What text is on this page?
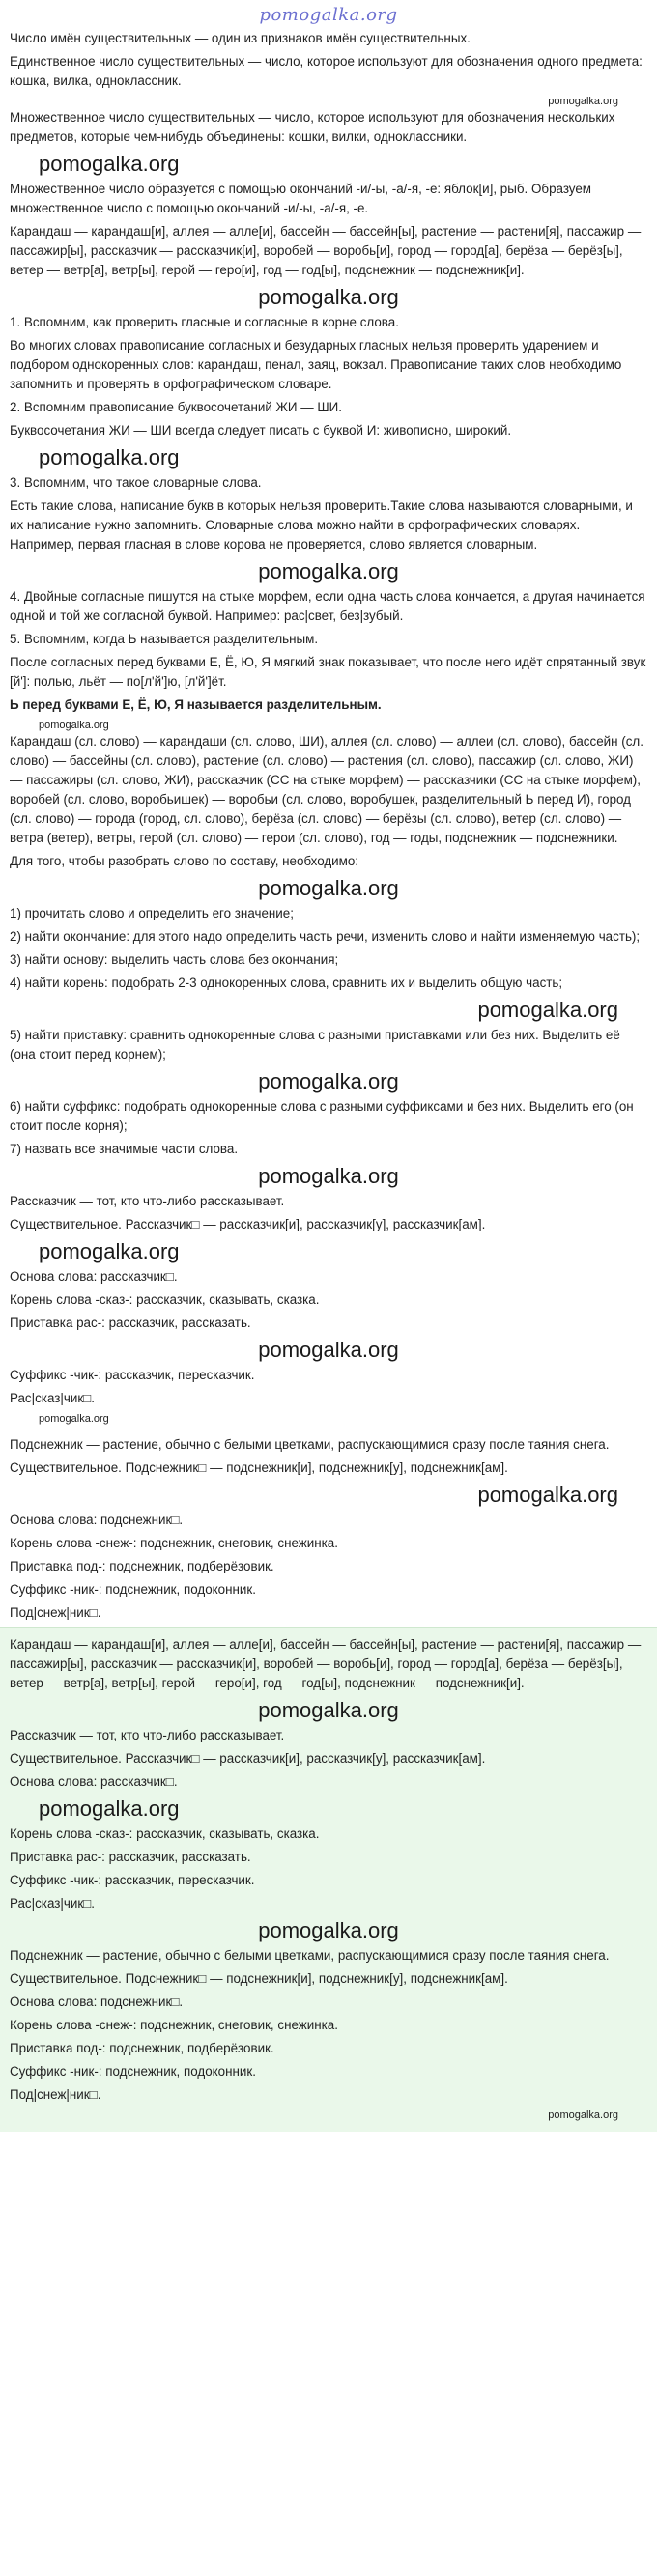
pomogalka.org

Число имён существительных — один из признаков имён существительных.

Единственное число существительных — число, которое используют для обозначения одного предмета: кошка, вилка, одноклассник.

pomogalka.org

Множественное число существительных — число, которое используют для обозначения нескольких предметов, которые чем-нибудь объединены: кошки, вилки, одноклассники.

pomogalka.org

Множественное число образуется с помощью окончаний -и/-ы, -а/-я, -е: яблок[и], рыб. Образуем множественное число с помощью окончаний -и/-ы, -а/-я, -е.

Карандаш — карандаш[и], аллея — алле[и], бассейн — бассейн[ы], растение — растени[я], пассажир — пассажир[ы], рассказчик — рассказчик[и], воробей — воробь[и], город — город[а], берёза — берёз[ы], ветер — ветр[а], ветр[ы], герой — геро[и], год — год[ы], подснежник — подснежник[и].

pomogalka.org

1. Вспомним, как проверить гласные и согласные в корне слова.

Во многих словах правописание согласных и безударных гласных нельзя проверить ударением и подбором однокоренных слов: карандаш, пенал, заяц, вокзал. Правописание таких слов необходимо запомнить и проверять в орфографическом словаре.

2. Вспомним правописание буквосочетаний ЖИ — ШИ.

Буквосочетания ЖИ — ШИ всегда следует писать с буквой И: живописно, широкий.

pomogalka.org

3. Вспомним, что такое словарные слова.

Есть такие слова, написание букв в которых нельзя проверить.Такие слова называются словарными, и их написание нужно запомнить. Словарные слова можно найти в орфографических словарях. Например, первая гласная в слове корова не проверяется, слово является словарным.

pomogalka.org

4. Двойные согласные пишутся на стыке морфем, если одна часть слова кончается, а другая начинается одной и той же согласной буквой. Например: рас|свет, без|зубый.

5. Вспомним, когда Ь называется разделительным.

После согласных перед буквами Е, Ё, Ю, Я мягкий знак показывает, что после него идёт спрятанный звук [й']: полью, льёт — по[л'й']ю, [л'й']ёт.

Ь перед буквами Е, Ё, Ю, Я называется разделительным.

pomogalka.org

Карандаш (сл. слово) — карандаши (сл. слово, ШИ), аллея (сл. слово) — аллеи (сл. слово), бассейн (сл. слово) — бассейны (сл. слово), растение (сл. слово) — растения (сл. слово), пассажир (сл. слово, ЖИ) — пассажиры (сл. слово, ЖИ), рассказчик (СС на стыке морфем) — рассказчики (СС на стыке морфем), воробей (сл. слово, воробьишек) — воробьи (сл. слово, воробушек, разделительный Ь перед И), город (сл. слово) — города (город, сл. слово), берёза (сл. слово) — берёзы (сл. слово), ветер (сл. слово) — ветра (ветер), ветры, герой (сл. слово) — герои (сл. слово), год — годы, подснежник — подснежники.

Для того, чтобы разобрать слово по составу, необходимо:

pomogalka.org

1) прочитать слово и определить его значение;

2) найти окончание: для этого надо определить часть речи, изменить слово и найти изменяемую часть);

3) найти основу: выделить часть слова без окончания;

4) найти корень: подобрать 2-3 однокоренных слова, сравнить их и выделить общую часть;

pomogalka.org

5) найти приставку: сравнить однокоренные слова с разными приставками или без них. Выделить её (она стоит перед корнем);

pomogalka.org

6) найти суффикс: подобрать однокоренные слова с разными суффиксами и без них. Выделить его (он стоит после корня);

7) назвать все значимые части слова.

pomogalka.org

Рассказчик — тот, кто что-либо рассказывает.

Существительное. Рассказчик□ — рассказчик[и], рассказчик[у], рассказчик[ам].

pomogalka.org

Основа слова: рассказчик□.

Корень слова -сказ-: рассказчик, сказывать, сказка.

Приставка рас-: рассказчик, рассказать.

pomogalka.org

Суффикс -чик-: рассказчик, пересказчик.

Рас|сказ|чик□.

pomogalka.org

Подснежник — растение, обычно с белыми цветками, распускающимися сразу после таяния снега.

Существительное. Подснежник□ — подснежник[и], подснежник[у], подснежник[ам].

pomogalka.org

Основа слова: подснежник□.

Корень слова -снеж-: подснежник, снеговик, снежинка.

Приставка под-: подснежник, подберёзовик.

Суффикс -ник-: подснежник, подоконник.

Под|снеж|ник□.

Карандаш — карандаш[и], аллея — алле[и], бассейн — бассейн[ы], растение — растени[я], пассажир — пассажир[ы], рассказчик — рассказчик[и], воробей — воробь[и], город — город[а], берёза — берёз[ы], ветер — ветр[а], ветр[ы], герой — геро[и], год — год[ы], подснежник — подснежник[и].

pomogalka.org

Рассказчик — тот, кто что-либо рассказывает.

Существительное. Рассказчик□ — рассказчик[и], рассказчик[у], рассказчик[ам].

Основа слова: рассказчик□.

pomogalka.org

Корень слова -сказ-: рассказчик, сказывать, сказка.

Приставка рас-: рассказчик, рассказать.

Суффикс -чик-: рассказчик, пересказчик.

Рас|сказ|чик□.

pomogalka.org

Подснежник — растение, обычно с белыми цветками, распускающимися сразу после таяния снега.

Существительное. Подснежник□ — подснежник[и], подснежник[у], подснежник[ам].

Основа слова: подснежник□.

Корень слова -снеж-: подснежник, снеговик, снежинка.

Приставка под-: подснежник, подберёзовик.

Суффикс -ник-: подснежник, подоконник.

Под|снеж|ник□.

pomogalka.org
